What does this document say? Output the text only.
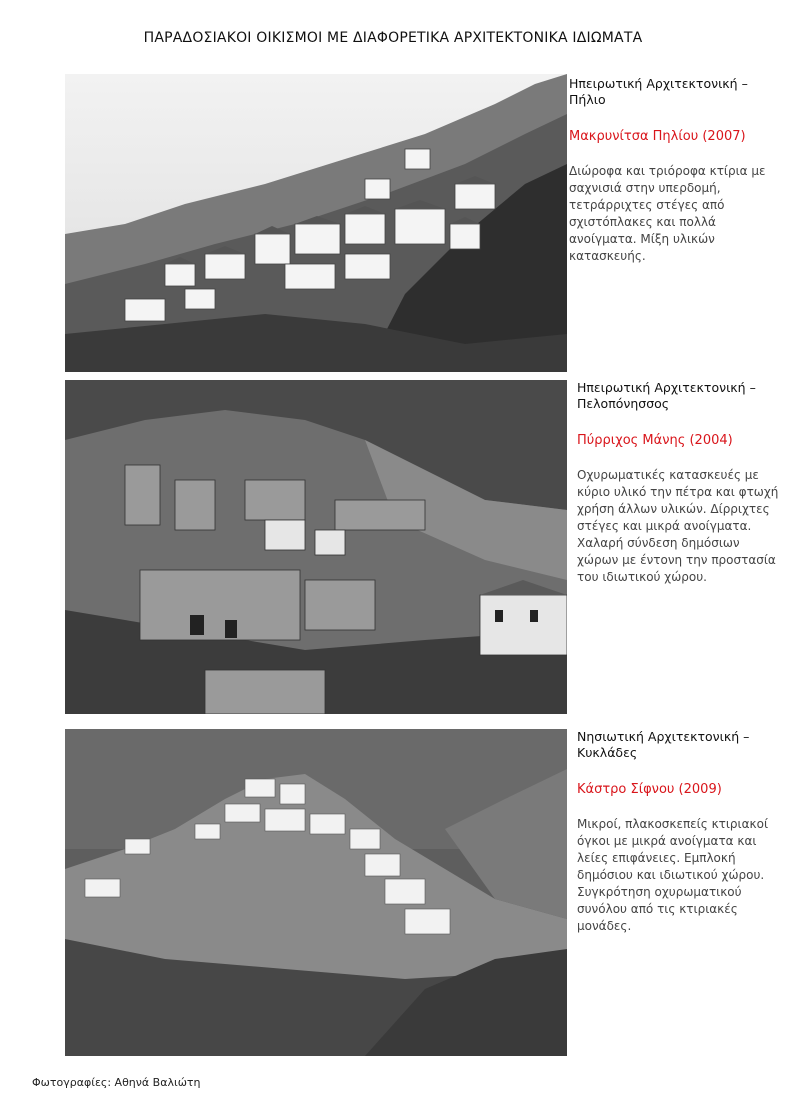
ΠΑΡΑΔΟΣΙΑΚΟΙ ΟΙΚΙΣΜΟΙ ΜΕ ΔΙΑΦΟΡΕΤΙΚΑ ΑΡΧΙΤΕΚΤΟΝΙΚΑ ΙΔΙΩΜΑΤΑ
Ηπειρωτική Αρχιτεκτονική – Πήλιο
Μακρυνίτσα Πηλίου (2007)
Διώροφα και τριόροφα κτίρια με σαχνισιά στην υπερδομή, τετράρριχτες στέγες από σχιστόπλακες και πολλά ανοίγματα. Μίξη υλικών κατασκευής.
Ηπειρωτική Αρχιτεκτονική – Πελοπόνησσος
Πύρριχος Μάνης (2004)
Οχυρωματικές κατασκευές με κύριο υλικό την πέτρα και φτωχή χρήση άλλων υλικών. Δίρριχτες στέγες και μικρά ανοίγματα. Χαλαρή σύνδεση δημόσιων χώρων με έντονη την προστασία του ιδιωτικού χώρου.
Νησιωτική Αρχιτεκτονική – Κυκλάδες
Κάστρο Σίφνου (2009)
Μικροί, πλακοσκεπείς κτιριακοί όγκοι με μικρά ανοίγματα και λείες επιφάνειες. Εμπλοκή δημόσιου και ιδιωτικού χώρου. Συγκρότηση οχυρωματικού συνόλου από τις κτιριακές μονάδες.
Φωτογραφίες: Αθηνά Βαλιώτη
